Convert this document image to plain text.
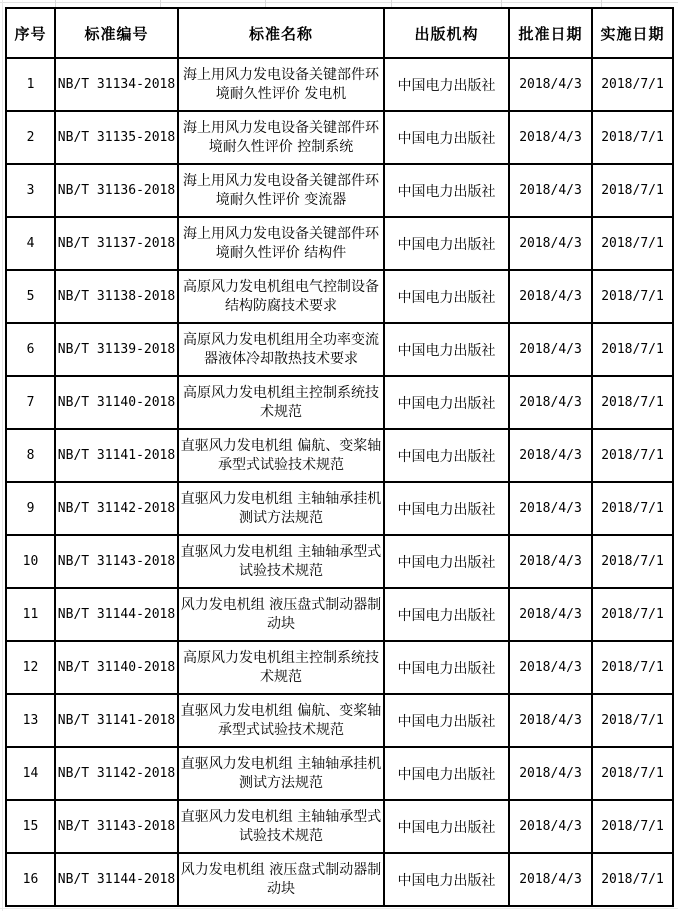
序号	标准编号	标准名称	出版机构	批准日期	实施日期
1	NB/T 31134-2018	海上用风力发电设备关键部件环境耐久性评价 发电机	中国电力出版社	2018/4/3	2018/7/1
2	NB/T 31135-2018	海上用风力发电设备关键部件环境耐久性评价 控制系统	中国电力出版社	2018/4/3	2018/7/1
3	NB/T 31136-2018	海上用风力发电设备关键部件环境耐久性评价 变流器	中国电力出版社	2018/4/3	2018/7/1
4	NB/T 31137-2018	海上用风力发电设备关键部件环境耐久性评价 结构件	中国电力出版社	2018/4/3	2018/7/1
5	NB/T 31138-2018	高原风力发电机组电气控制设备结构防腐技术要求	中国电力出版社	2018/4/3	2018/7/1
6	NB/T 31139-2018	高原风力发电机组用全功率变流器液体冷却散热技术要求	中国电力出版社	2018/4/3	2018/7/1
7	NB/T 31140-2018	高原风力发电机组主控制系统技术规范	中国电力出版社	2018/4/3	2018/7/1
8	NB/T 31141-2018	直驱风力发电机组 偏航、变桨轴承型式试验技术规范	中国电力出版社	2018/4/3	2018/7/1
9	NB/T 31142-2018	直驱风力发电机组 主轴轴承挂机测试方法规范	中国电力出版社	2018/4/3	2018/7/1
10	NB/T 31143-2018	直驱风力发电机组 主轴轴承型式试验技术规范	中国电力出版社	2018/4/3	2018/7/1
11	NB/T 31144-2018	风力发电机组 液压盘式制动器制动块	中国电力出版社	2018/4/3	2018/7/1
12	NB/T 31140-2018	高原风力发电机组主控制系统技术规范	中国电力出版社	2018/4/3	2018/7/1
13	NB/T 31141-2018	直驱风力发电机组 偏航、变桨轴承型式试验技术规范	中国电力出版社	2018/4/3	2018/7/1
14	NB/T 31142-2018	直驱风力发电机组 主轴轴承挂机测试方法规范	中国电力出版社	2018/4/3	2018/7/1
15	NB/T 31143-2018	直驱风力发电机组 主轴轴承型式试验技术规范	中国电力出版社	2018/4/3	2018/7/1
16	NB/T 31144-2018	风力发电机组 液压盘式制动器制动块	中国电力出版社	2018/4/3	2018/7/1
